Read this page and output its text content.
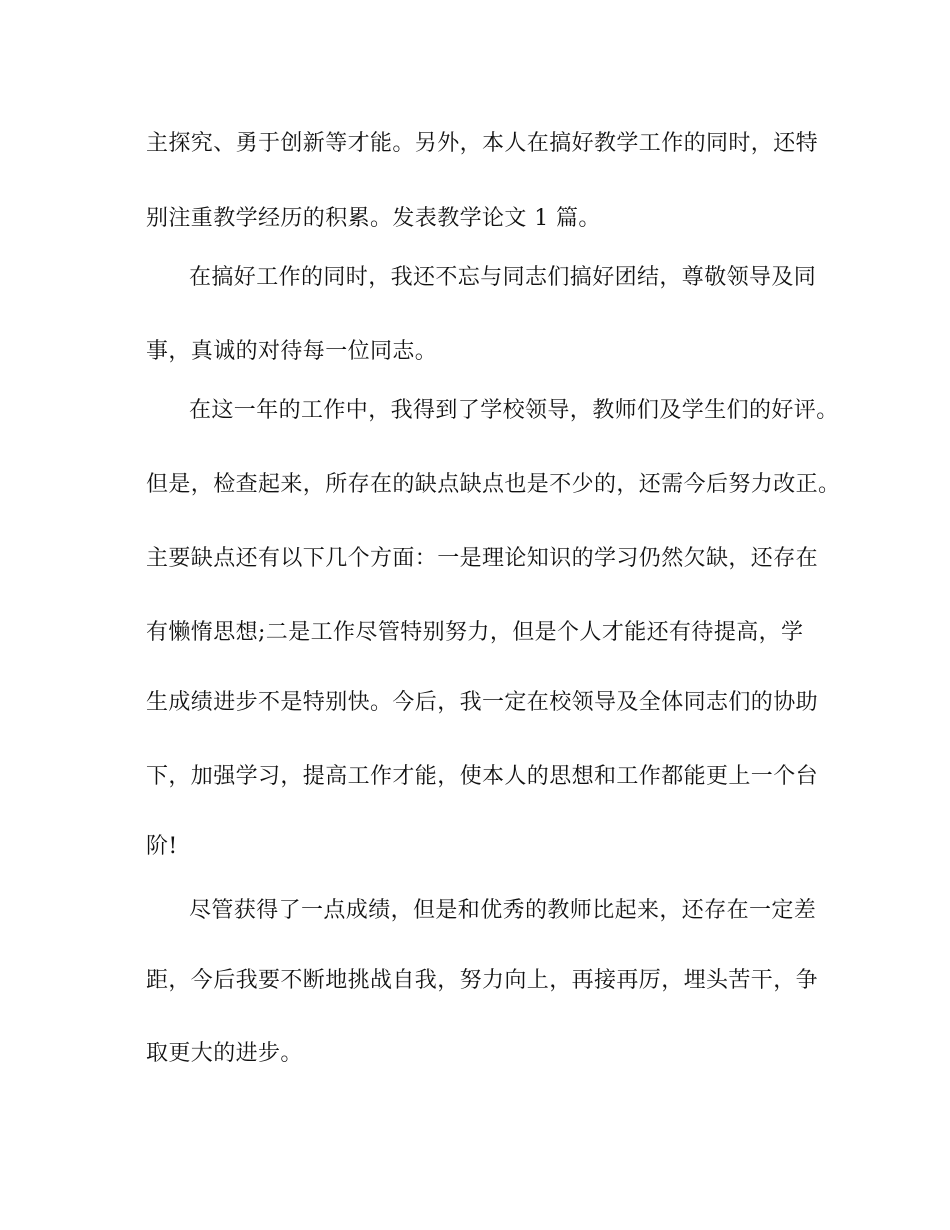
主探究、勇于创新等才能。另外，本人在搞好教学工作的同时，还特
别注重教学经历的积累。发表教学论文 1 篇。
在搞好工作的同时，我还不忘与同志们搞好团结，尊敬领导及同
事，真诚的对待每一位同志。
在这一年的工作中，我得到了学校领导，教师们及学生们的好评。
但是，检查起来，所存在的缺点缺点也是不少的，还需今后努力改正。
主要缺点还有以下几个方面：一是理论知识的学习仍然欠缺，还存在
有懒惰思想;二是工作尽管特别努力，但是个人才能还有待提高，学
生成绩进步不是特别快。今后，我一定在校领导及全体同志们的协助
下，加强学习，提高工作才能，使本人的思想和工作都能更上一个台
阶!
尽管获得了一点成绩，但是和优秀的教师比起来，还存在一定差
距，今后我要不断地挑战自我，努力向上，再接再厉，埋头苦干，争
取更大的进步。
